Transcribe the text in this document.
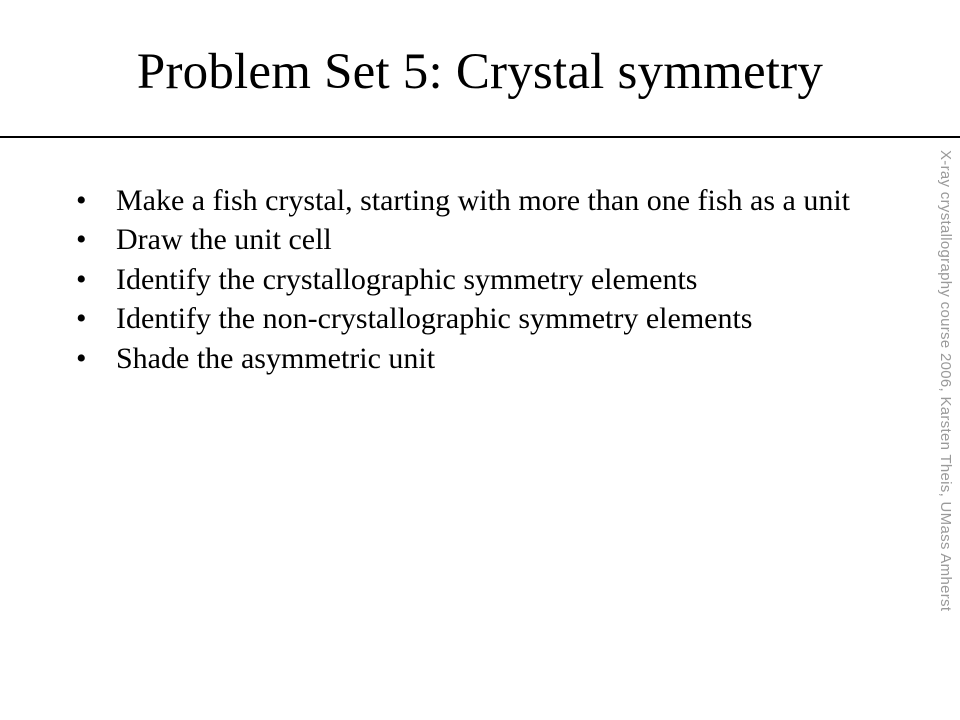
Problem Set 5: Crystal symmetry
• Make a fish crystal, starting with more than one fish as a unit
• Draw the unit cell
• Identify the crystallographic symmetry elements
• Identify the non-crystallographic symmetry elements
• Shade the asymmetric unit	X-ray crystallography course 2006, Karsten Theis, UMass Amherst
